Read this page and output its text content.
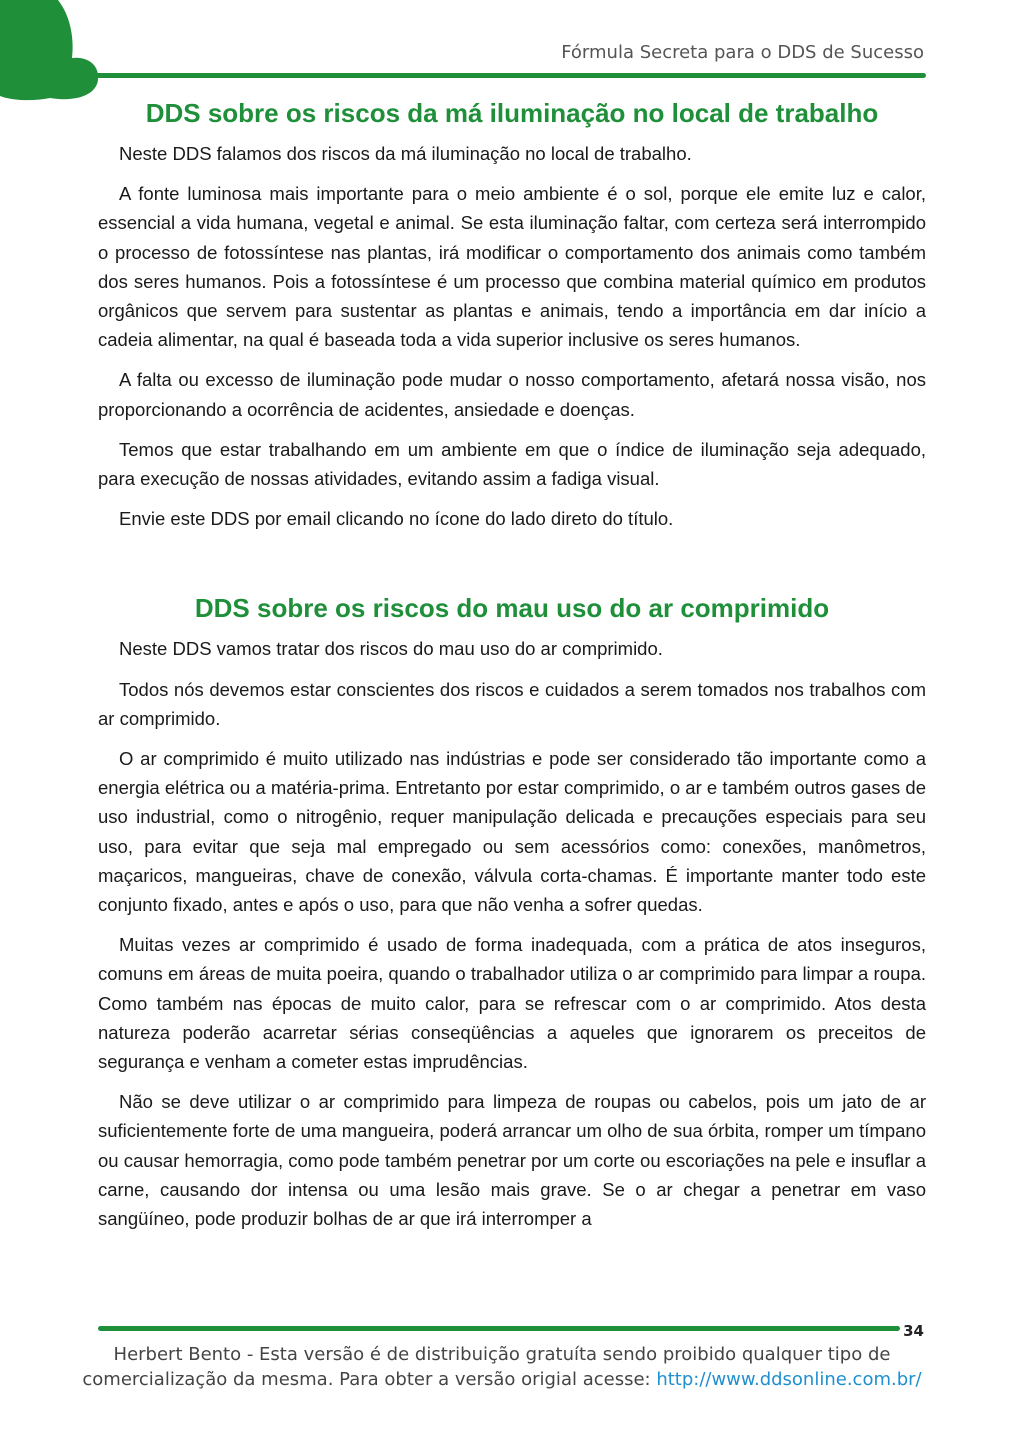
Fórmula Secreta para o DDS de Sucesso
DDS sobre os riscos da má iluminação no local de trabalho

Neste DDS falamos dos riscos da má iluminação no local de trabalho.

A fonte luminosa mais importante para o meio ambiente é o sol, porque ele emite luz e calor, essencial a vida humana, vegetal e animal. Se esta iluminação faltar, com certeza será interrompido o processo de fotossíntese nas plantas, irá modificar o comportamento dos animais como também dos seres humanos. Pois a fotossíntese é um processo que combina material químico em produtos orgânicos que servem para sustentar as plantas e animais, tendo a importância em dar início a cadeia alimentar, na qual é baseada toda a vida superior inclusive os seres humanos.

A falta ou excesso de iluminação pode mudar o nosso comportamento, afetará nossa visão, nos proporcionando a ocorrência de acidentes, ansiedade e doenças.

Temos que estar trabalhando em um ambiente em que o índice de iluminação seja adequado, para execução de nossas atividades, evitando assim a fadiga visual.

Envie este DDS por email clicando no ícone do lado direto do título.

DDS sobre os riscos do mau uso do ar comprimido

Neste DDS vamos tratar dos riscos do mau uso do ar comprimido.

Todos nós devemos estar conscientes dos riscos e cuidados a serem tomados nos trabalhos com ar comprimido.

O ar comprimido é muito utilizado nas indústrias e pode ser considerado tão importante como a energia elétrica ou a matéria-prima. Entretanto por estar comprimido, o ar e também outros gases de uso industrial, como o nitrogênio, requer manipulação delicada e precauções especiais para seu uso, para evitar que seja mal empregado ou sem acessórios como: conexões, manômetros, maçaricos, mangueiras, chave de conexão, válvula corta-chamas. É importante manter todo este conjunto fixado, antes e após o uso, para que não venha a sofrer quedas.

Muitas vezes ar comprimido é usado de forma inadequada, com a prática de atos inseguros, comuns em áreas de muita poeira, quando o trabalhador utiliza o ar comprimido para limpar a roupa. Como também nas épocas de muito calor, para se refrescar com o ar comprimido. Atos desta natureza poderão acarretar sérias conseqüências a aqueles que ignorarem os preceitos de segurança e venham a cometer estas imprudências.

Não se deve utilizar o ar comprimido para limpeza de roupas ou cabelos, pois um jato de ar suficientemente forte de uma mangueira, poderá arrancar um olho de sua órbita, romper um tímpano ou causar hemorragia, como pode também penetrar por um corte ou escoriações na pele e insuflar a carne, causando dor intensa ou uma lesão mais grave. Se o ar chegar a penetrar em vaso sangüíneo, pode produzir bolhas de ar que irá interromper a

34
Herbert Bento - Esta versão é de distribuição gratuíta sendo proibido qualquer tipo de
comercialização da mesma. Para obter a versão origial acesse: http://www.ddsonline.com.br/
